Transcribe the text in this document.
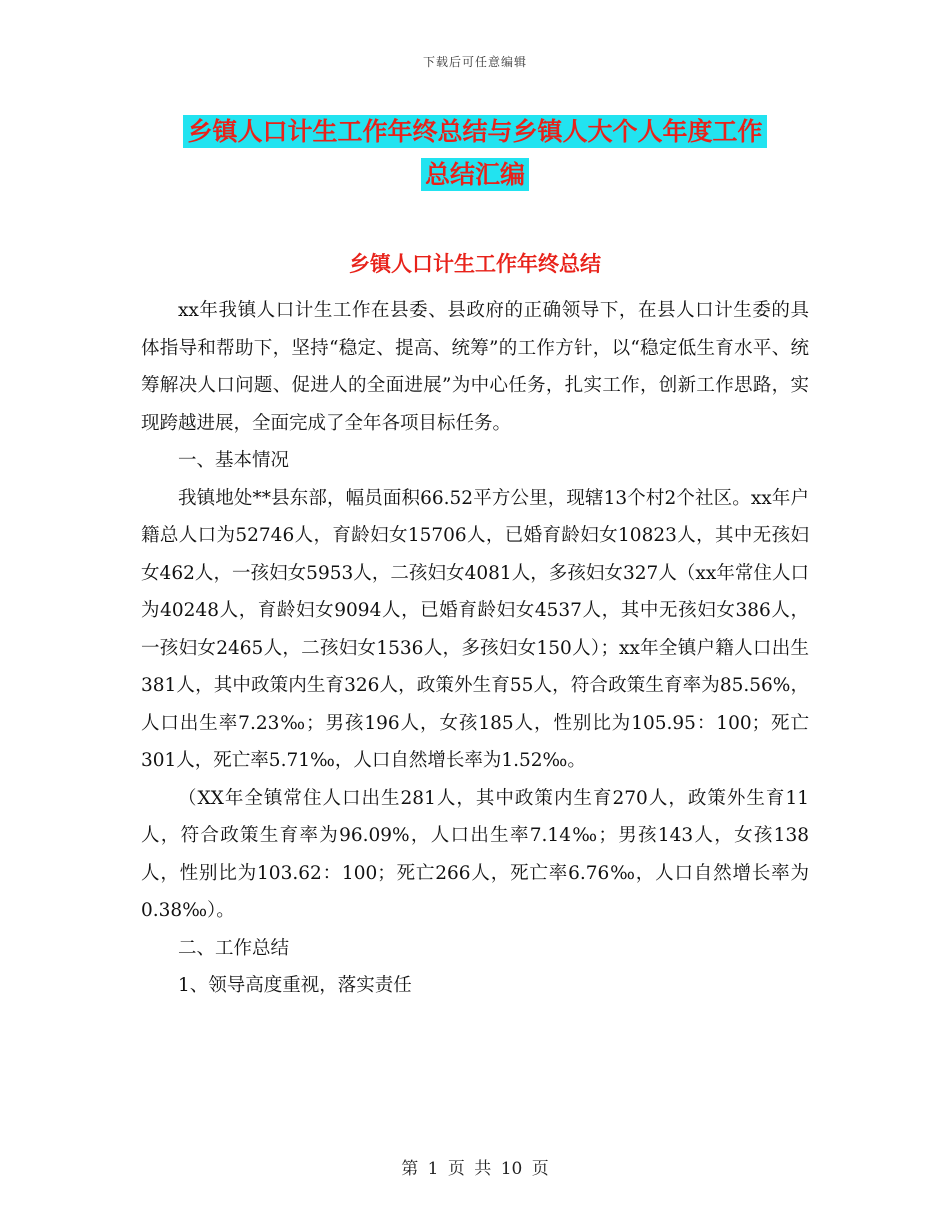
下载后可任意编辑
乡镇人口计生工作年终总结与乡镇人大个人年度工作
总结汇编
乡镇人口计生工作年终总结

xx年我镇人口计生工作在县委、县政府的正确领导下，在县人口计生委的具体指导和帮助下，坚持“稳定、提高、统筹”的工作方针，以“稳定低生育水平、统筹解决人口问题、促进人的全面进展”为中心任务，扎实工作，创新工作思路，实现跨越进展，全面完成了全年各项目标任务。

一、基本情况

我镇地处**县东部，幅员面积66.52平方公里，现辖13个村2个社区。xx年户籍总人口为52746人，育龄妇女15706人，已婚育龄妇女10823人，其中无孩妇女462人，一孩妇女5953人，二孩妇女4081人，多孩妇女327人（xx年常住人口为40248人，育龄妇女9094人，已婚育龄妇女4537人，其中无孩妇女386人，一孩妇女2465人，二孩妇女1536人，多孩妇女150人）；xx年全镇户籍人口出生381人，其中政策内生育326人，政策外生育55人，符合政策生育率为85.56%，人口出生率7.23‰；男孩196人，女孩185人，性别比为105.95：100；死亡301人，死亡率5.71‰，人口自然增长率为1.52‰。

（XX年全镇常住人口出生281人，其中政策内生育270人，政策外生育11人，符合政策生育率为96.09%，人口出生率7.14‰；男孩143人，女孩138人，性别比为103.62：100；死亡266人，死亡率6.76‰，人口自然增长率为0.38‰）。

二、工作总结

1、领导高度重视，落实责任

第 1 页 共 10 页
